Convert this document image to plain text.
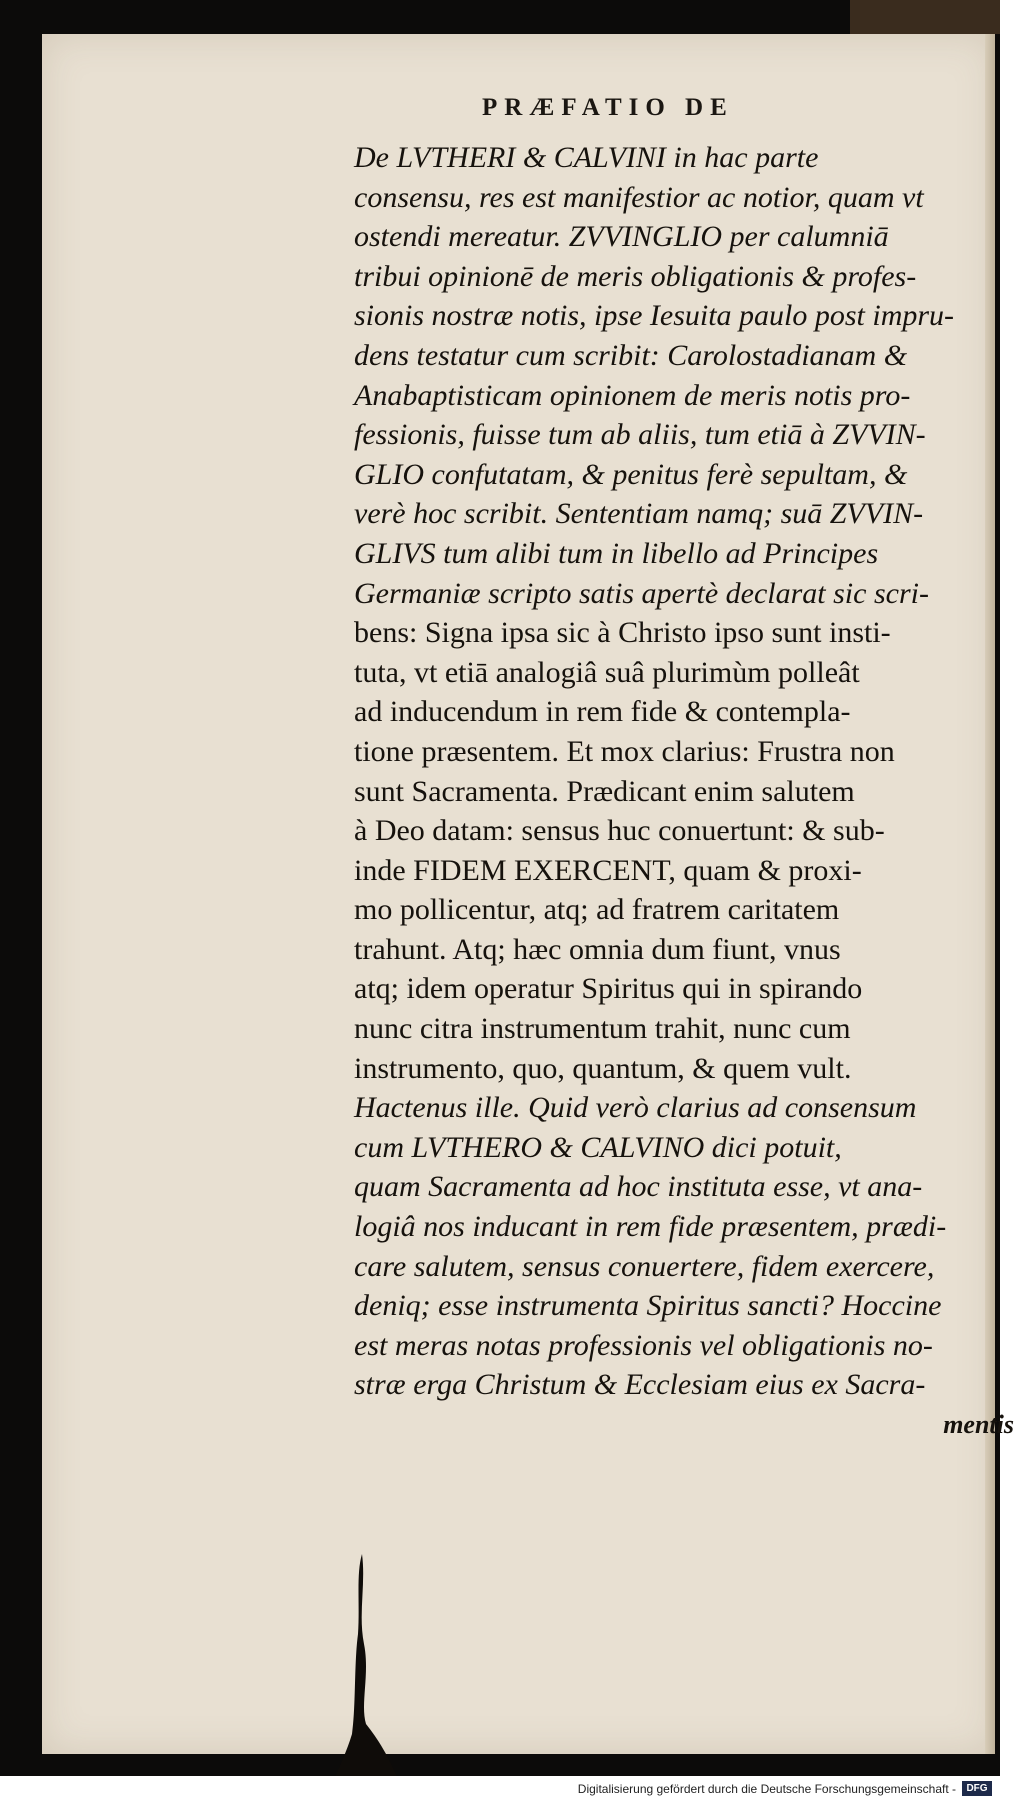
PRÆFATIO DE
De LVTHERI & CALVINI in hac parte
consensu, res est manifestior ac notior, quam vt
ostendi mereatur. ZVVINGLIO per calumniā
tribui opinionē de meris obligationis & profes-
sionis nostræ notis, ipse Iesuita paulo post impru-
dens testatur cum scribit: Carolostadianam &
Anabaptisticam opinionem de meris notis pro-
fessionis, fuisse tum ab aliis, tum etiā à ZVVIN-
GLIO confutatam, & penitus ferè sepultam, &
verè hoc scribit. Sententiam namq; suā ZVVIN-
GLIVS tum alibi tum in libello ad Principes
Germaniæ scripto satis apertè declarat sic scri-
bens: Signa ipsa sic à Christo ipso sunt insti-
tuta, vt etiā analogiâ suâ plurimùm polleât
ad inducendum in rem fide & contempla-
tione præsentem. Et mox clarius: Frustra non
sunt Sacramenta. Prædicant enim salutem
à Deo datam: sensus huc conuertunt: & sub-
inde FIDEM EXERCENT, quam & proxi-
mo pollicentur, atq; ad fratrem caritatem
trahunt. Atq; hæc omnia dum fiunt, vnus
atq; idem operatur Spiritus qui in spirando
nunc citra instrumentum trahit, nunc cum
instrumento, quo, quantum, & quem vult.
Hactenus ille. Quid verò clarius ad consensum
cum LVTHERO & CALVINO dici potuit,
quam Sacramenta ad hoc instituta esse, vt ana-
logiâ nos inducant in rem fide præsentem, prædi-
care salutem, sensus conuertere, fidem exercere,
deniq; esse instrumenta Spiritus sancti? Hoccine
est meras notas professionis vel obligationis no-
stræ erga Christum & Ecclesiam eius ex Sacra-
mentis
Digitalisierung gefördert durch die Deutsche Forschungsgemeinschaft -	DFG
